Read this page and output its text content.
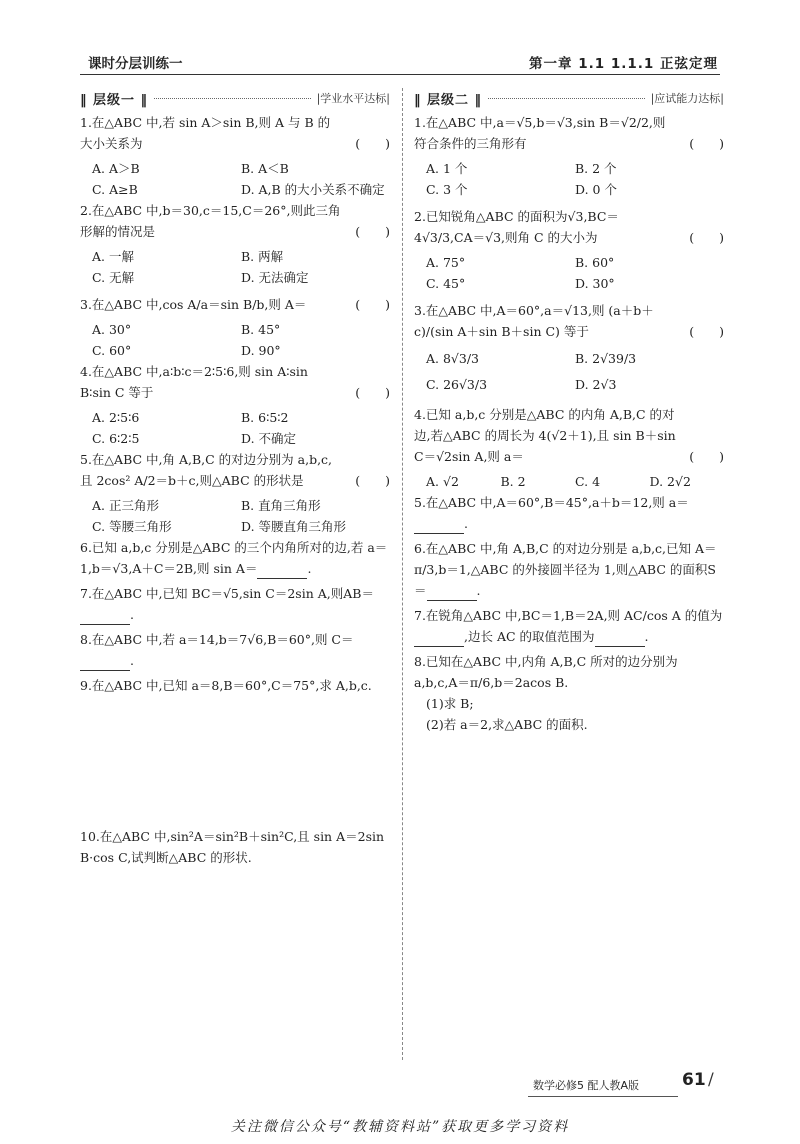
课时分层训练一	第一章 1.1 1.1.1 正弦定理
‖ 层级一 ‖	|学业水平达标| ‖ 层级二 ‖	|应试能力达标|
1.在△ABC 中,若 sin A＞sin B,则 A 与 B 的大小关系为	(　　)
A. A＞B	B. A＜B
C. A≥B	D. A,B 的大小关系不确定
2.在△ABC 中,b＝30,c＝15,C＝26°,则此三角形解的情况是	(　　)
A. 一解	B. 两解
C. 无解	D. 无法确定
3.在△ABC 中,cos A/a＝sin B/b,则 A＝	(　　)
A. 30°	B. 45°
C. 60°	D. 90°
4.在△ABC 中,a∶b∶c＝2∶5∶6,则 sin A∶sin B∶sin C 等于	(　　)
A. 2∶5∶6	B. 6∶5∶2
C. 6∶2∶5	D. 不确定
5.在△ABC 中,角 A,B,C 的对边分别为 a,b,c,且 2cos² A/2＝b＋c,则△ABC 的形状是	(　　)
A. 正三角形	B. 直角三角形
C. 等腰三角形	D. 等腰直角三角形
6.已知 a,b,c 分别是△ABC 的三个内角所对的边,若 a＝1,b＝√3,A＋C＝2B,则 sin A＝	.
7.在△ABC 中,已知 BC＝√5,sin C＝2sin A,则AB＝.
8.在△ABC 中,若 a＝14,b＝7√6,B＝60°,则 C＝.
9.在△ABC 中,已知 a＝8,B＝60°,C＝75°,求 A,b,c.
10.在△ABC 中,sin²A＝sin²B＋sin²C,且 sin A＝2sin B·cos C,试判断△ABC 的形状.
1.在△ABC 中,a＝√5,b＝√3,sin B＝√2/2,则符合条件的三角形有	(　　)
A. 1 个	B. 2 个
C. 3 个	D. 0 个
2.已知锐角△ABC 的面积为√3,BC＝4√3/3,CA＝√3,则角 C 的大小为	(　　)
A. 75°	B. 60°
C. 45°	D. 30°
3.在△ABC 中,A＝60°,a＝√13,则 (a＋b＋c)/(sin A＋sin B＋sin C) 等于	(　　)
A. 8√3/3	B. 2√39/3
C. 26√3/3	D. 2√3
4.已知 a,b,c 分别是△ABC 的内角 A,B,C 的对边,若△ABC 的周长为 4(√2＋1),且 sin B＋sin C＝√2sin A,则 a＝	(　　)
A. √2	B. 2	C. 4	D. 2√2
5.在△ABC 中,A＝60°,B＝45°,a＋b＝12,则 a＝.
6.在△ABC 中,角 A,B,C 的对边分别是 a,b,c,已知 A＝π/3,b＝1,△ABC 的外接圆半径为 1,则△ABC 的面积S＝	.
7.在锐角△ABC 中,BC＝1,B＝2A,则 AC/cos A 的值为,边长 AC 的取值范围为	.
8.已知在△ABC 中,内角 A,B,C 所对的边分别为 a,b,c,A＝π/6,b＝2acos B.
(1)求 B;
(2)若 a＝2,求△ABC 的面积.
数学必修5 配人教A版	61 /
关注微信公众号“教辅资料站”获取更多学习资料
